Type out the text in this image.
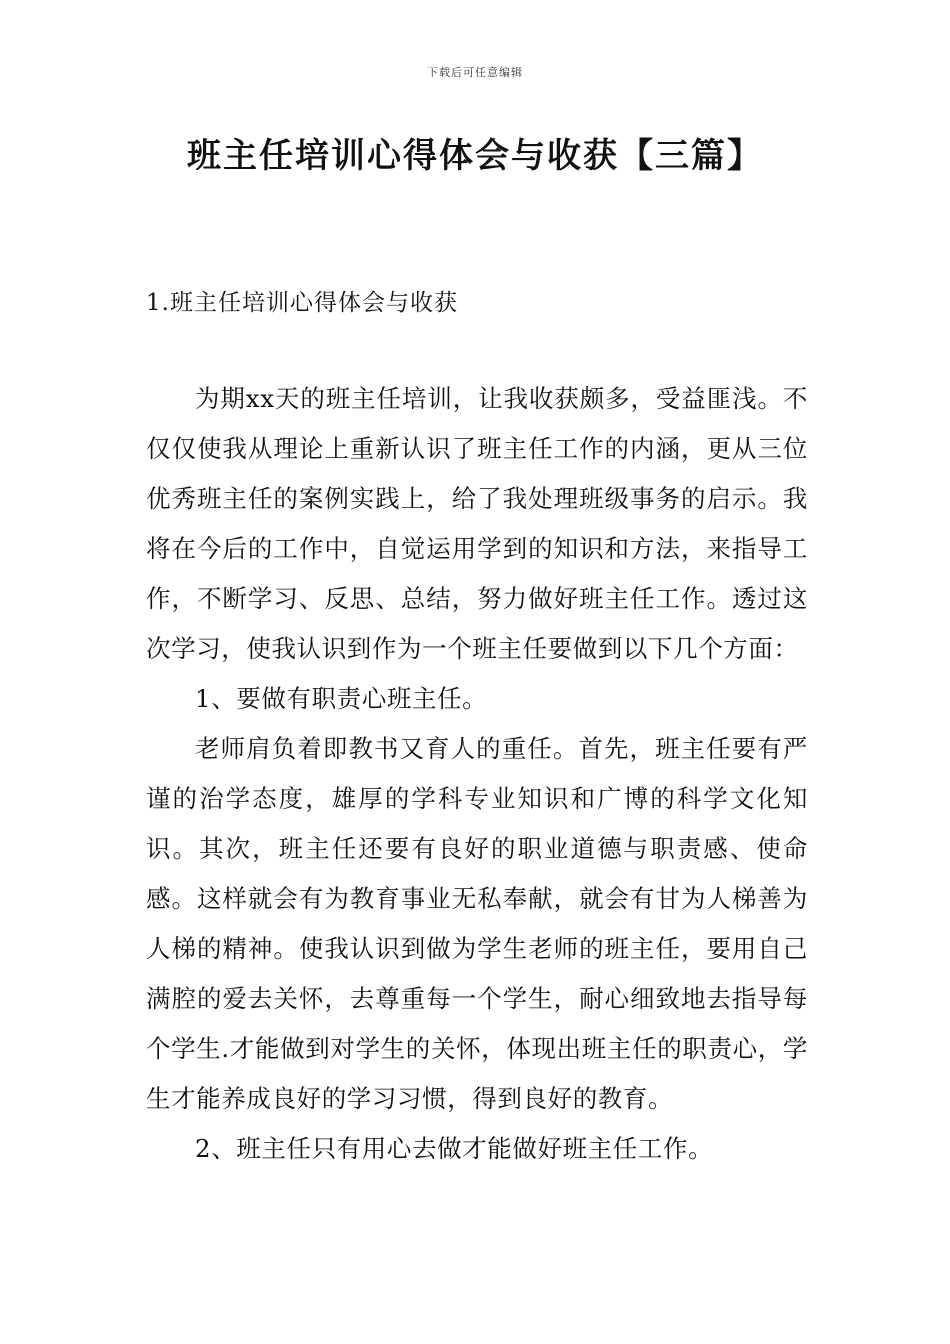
下载后可任意编辑
班主任培训心得体会与收获【三篇】
1.班主任培训心得体会与收获

为期xx天的班主任培训，让我收获颇多，受益匪浅。不仅仅使我从理论上重新认识了班主任工作的内涵，更从三位优秀班主任的案例实践上，给了我处理班级事务的启示。我将在今后的工作中，自觉运用学到的知识和方法，来指导工作，不断学习、反思、总结，努力做好班主任工作。透过这次学习，使我认识到作为一个班主任要做到以下几个方面：

1、要做有职责心班主任。

老师肩负着即教书又育人的重任。首先，班主任要有严谨的治学态度，雄厚的学科专业知识和广博的科学文化知识。其次，班主任还要有良好的职业道德与职责感、使命感。这样就会有为教育事业无私奉献，就会有甘为人梯善为人梯的精神。使我认识到做为学生老师的班主任，要用自己满腔的爱去关怀，去尊重每一个学生，耐心细致地去指导每个学生.才能做到对学生的关怀，体现出班主任的职责心，学生才能养成良好的学习习惯，得到良好的教育。

2、班主任只有用心去做才能做好班主任工作。
